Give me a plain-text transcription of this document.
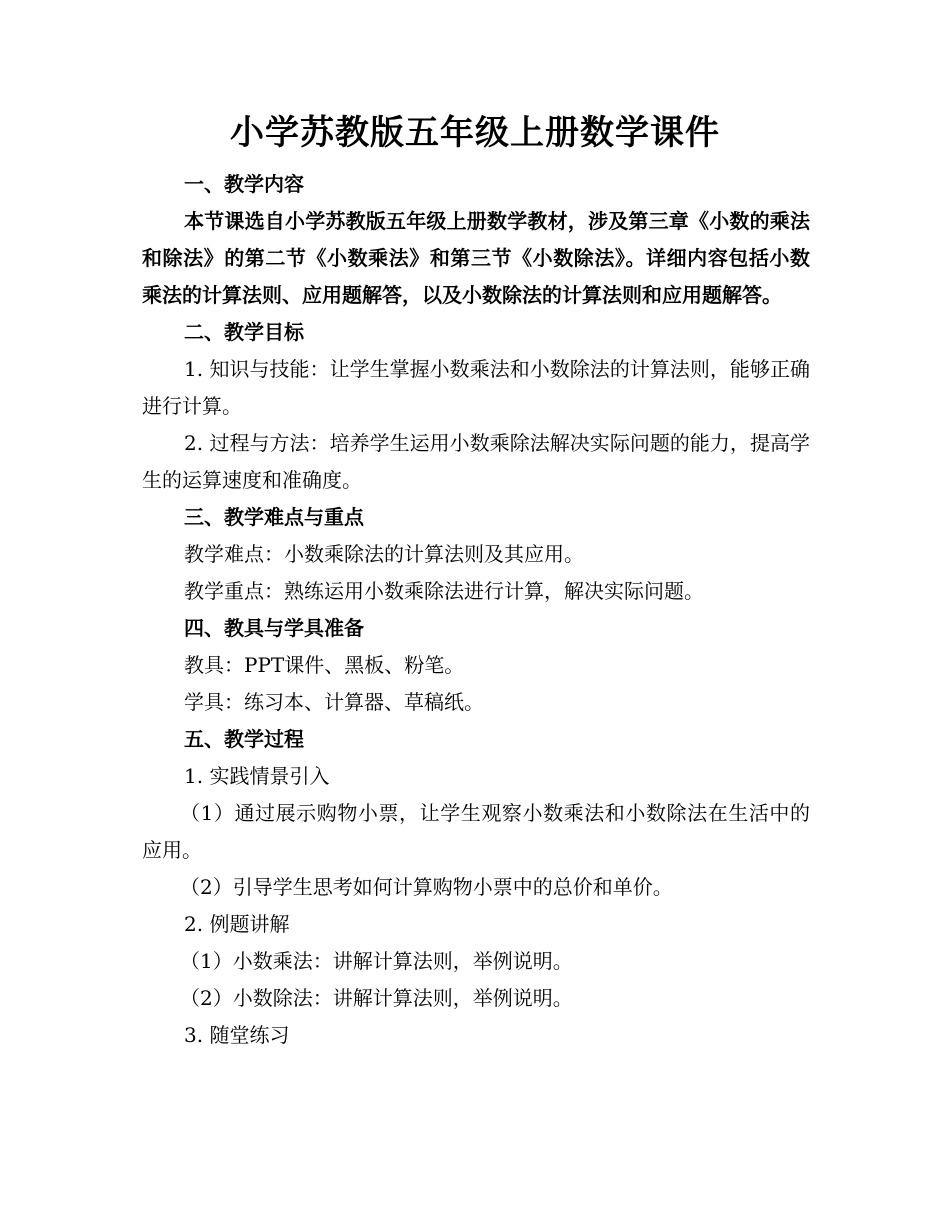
小学苏教版五年级上册数学课件

一、教学内容

本节课选自小学苏教版五年级上册数学教材，涉及第三章《小数的乘法和除法》的第二节《小数乘法》和第三节《小数除法》。详细内容包括小数乘法的计算法则、应用题解答，以及小数除法的计算法则和应用题解答。

二、教学目标

1. 知识与技能：让学生掌握小数乘法和小数除法的计算法则，能够正确进行计算。

2. 过程与方法：培养学生运用小数乘除法解决实际问题的能力，提高学生的运算速度和准确度。

三、教学难点与重点

教学难点：小数乘除法的计算法则及其应用。

教学重点：熟练运用小数乘除法进行计算，解决实际问题。

四、教具与学具准备

教具：PPT课件、黑板、粉笔。

学具：练习本、计算器、草稿纸。

五、教学过程

1. 实践情景引入

（1）通过展示购物小票，让学生观察小数乘法和小数除法在生活中的应用。

（2）引导学生思考如何计算购物小票中的总价和单价。

2. 例题讲解

（1）小数乘法：讲解计算法则，举例说明。

（2）小数除法：讲解计算法则，举例说明。

3. 随堂练习
